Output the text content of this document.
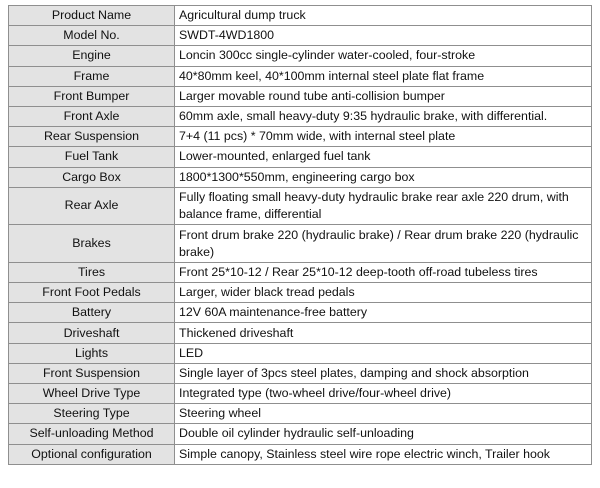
Product Name	Agricultural dump truck
Model No.	SWDT-4WD1800
Engine	Loncin 300cc single-cylinder water-cooled, four-stroke
Frame	40*80mm keel, 40*100mm internal steel plate flat frame
Front Bumper	Larger movable round tube anti-collision bumper
Front Axle	60mm axle, small heavy-duty 9:35 hydraulic brake, with differential.
Rear Suspension	7+4 (11 pcs) * 70mm wide, with internal steel plate
Fuel Tank	Lower-mounted, enlarged fuel tank
Cargo Box	1800*1300*550mm, engineering cargo box
Rear Axle	Fully floating small heavy-duty hydraulic brake rear axle 220 drum, with balance frame, differential
Brakes	Front drum brake 220 (hydraulic brake) / Rear drum brake 220 (hydraulic brake)
Tires	Front 25*10-12 / Rear 25*10-12 deep-tooth off-road tubeless tires
Front Foot Pedals	Larger, wider black tread pedals
Battery	12V 60A maintenance-free battery
Driveshaft	Thickened driveshaft
Lights	LED
Front Suspension	Single layer of 3pcs steel plates, damping and shock absorption
Wheel Drive Type	Integrated type (two-wheel drive/four-wheel drive)
Steering Type	Steering wheel
Self-unloading Method	Double oil cylinder hydraulic self-unloading
Optional configuration	Simple canopy, Stainless steel wire rope electric winch, Trailer hook
